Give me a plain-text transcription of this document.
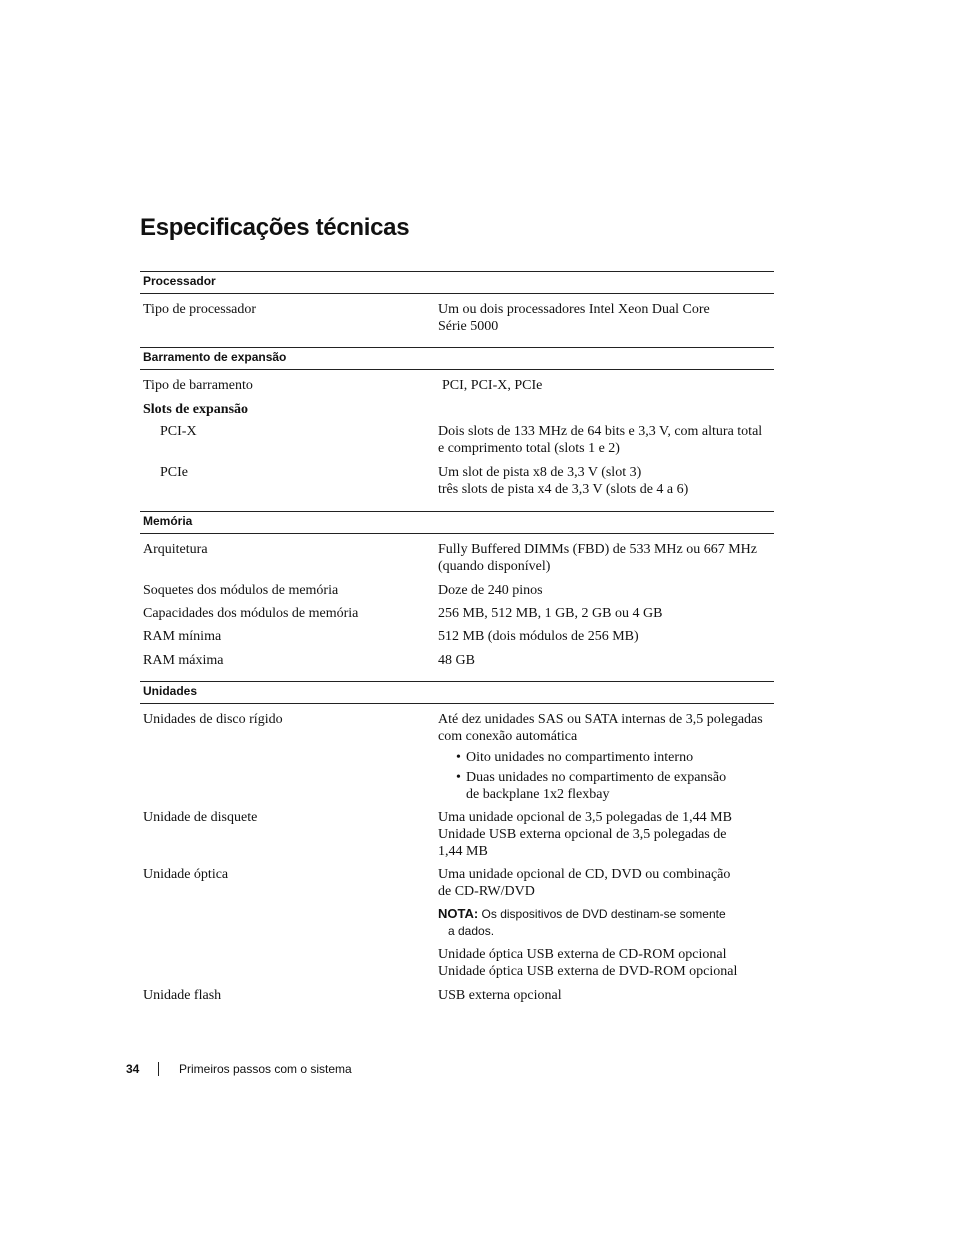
Especificações técnicas
Processador
Tipo de processador	Um ou dois processadores Intel Xeon Dual Core
Série 5000
Barramento de expansão
Tipo de barramento	PCI, PCI-X, PCIe
Slots de expansão
PCI-X	Dois slots de 133 MHz de 64 bits e 3,3 V, com altura total
e comprimento total (slots 1 e 2)
PCIe	Um slot de pista x8 de 3,3 V (slot 3)
três slots de pista x4 de 3,3 V (slots de 4 a 6)
Memória
Arquitetura	Fully Buffered DIMMs (FBD) de 533 MHz ou 667 MHz
(quando disponível)
Soquetes dos módulos de memória	Doze de 240 pinos
Capacidades dos módulos de memória	256 MB, 512 MB, 1 GB, 2 GB ou 4 GB
RAM mínima	512 MB (dois módulos de 256 MB)
RAM máxima	48 GB
Unidades
Unidades de disco rígido	Até dez unidades SAS ou SATA internas de 3,5 polegadas
com conexão automática
• Oito unidades no compartimento interno
• Duas unidades no compartimento de expansão
de backplane 1x2 flexbay
Unidade de disquete	Uma unidade opcional de 3,5 polegadas de 1,44 MB
Unidade USB externa opcional de 3,5 polegadas de
1,44 MB
Unidade óptica	Uma unidade opcional de CD, DVD ou combinação
de CD-RW/DVD
NOTA: Os dispositivos de DVD destinam-se somente
a dados.
Unidade óptica USB externa de CD-ROM opcional
Unidade óptica USB externa de DVD-ROM opcional
Unidade flash	USB externa opcional
34	Primeiros passos com o sistema
